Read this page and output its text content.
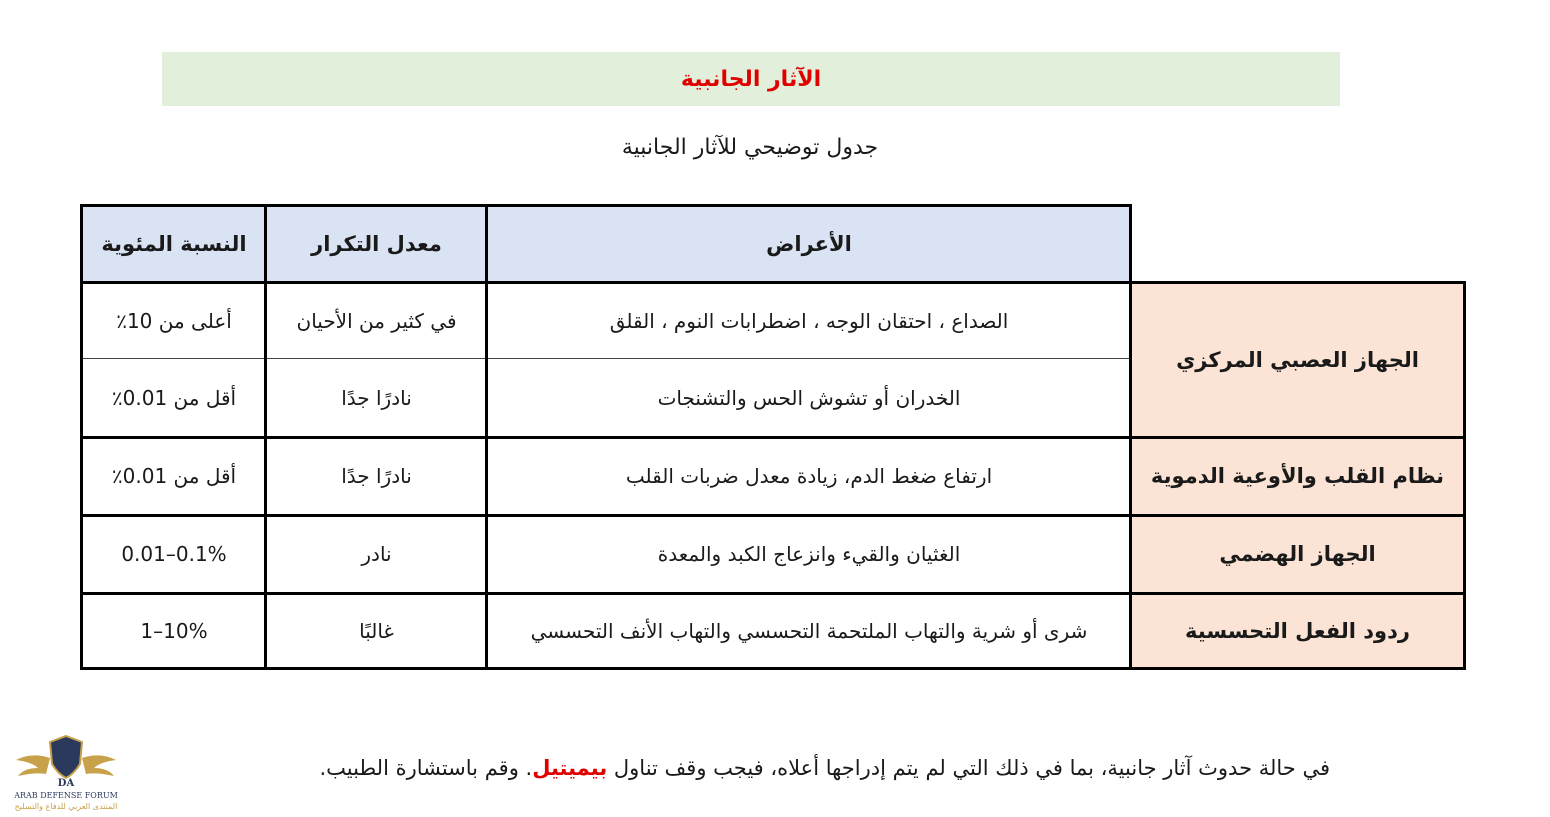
الآثار الجانبية
جدول توضيحي للآثار الجانبية
الأعراض
معدل التكرار
النسبة المئوية
الجهاز العصبي المركزي
نظام القلب والأوعية الدموية
الجهاز الهضمي
ردود الفعل التحسسية
الصداع ، احتقان الوجه ، اضطرابات النوم ، القلق
في كثير من الأحيان
أعلى من 10٪
الخدران أو تشوش الحس والتشنجات
نادرًا جدًا
أقل من 0.01٪
ارتفاع ضغط الدم، زيادة معدل ضربات القلب
نادرًا جدًا
أقل من 0.01٪
الغثيان والقيء وانزعاج الكبد والمعدة
نادر
0.01–0.1%
شرى أو شرية والتهاب الملتحمة التحسسي والتهاب الأنف التحسسي
غالبًا
1–10%
في حالة حدوث آثار جانبية، بما في ذلك التي لم يتم إدراجها أعلاه، فيجب وقف تناول بيميتيل. وقم باستشارة الطبيب.
DA
ARAB DEFENSE FORUM
المنتدى العربي للدفاع والتسليح
